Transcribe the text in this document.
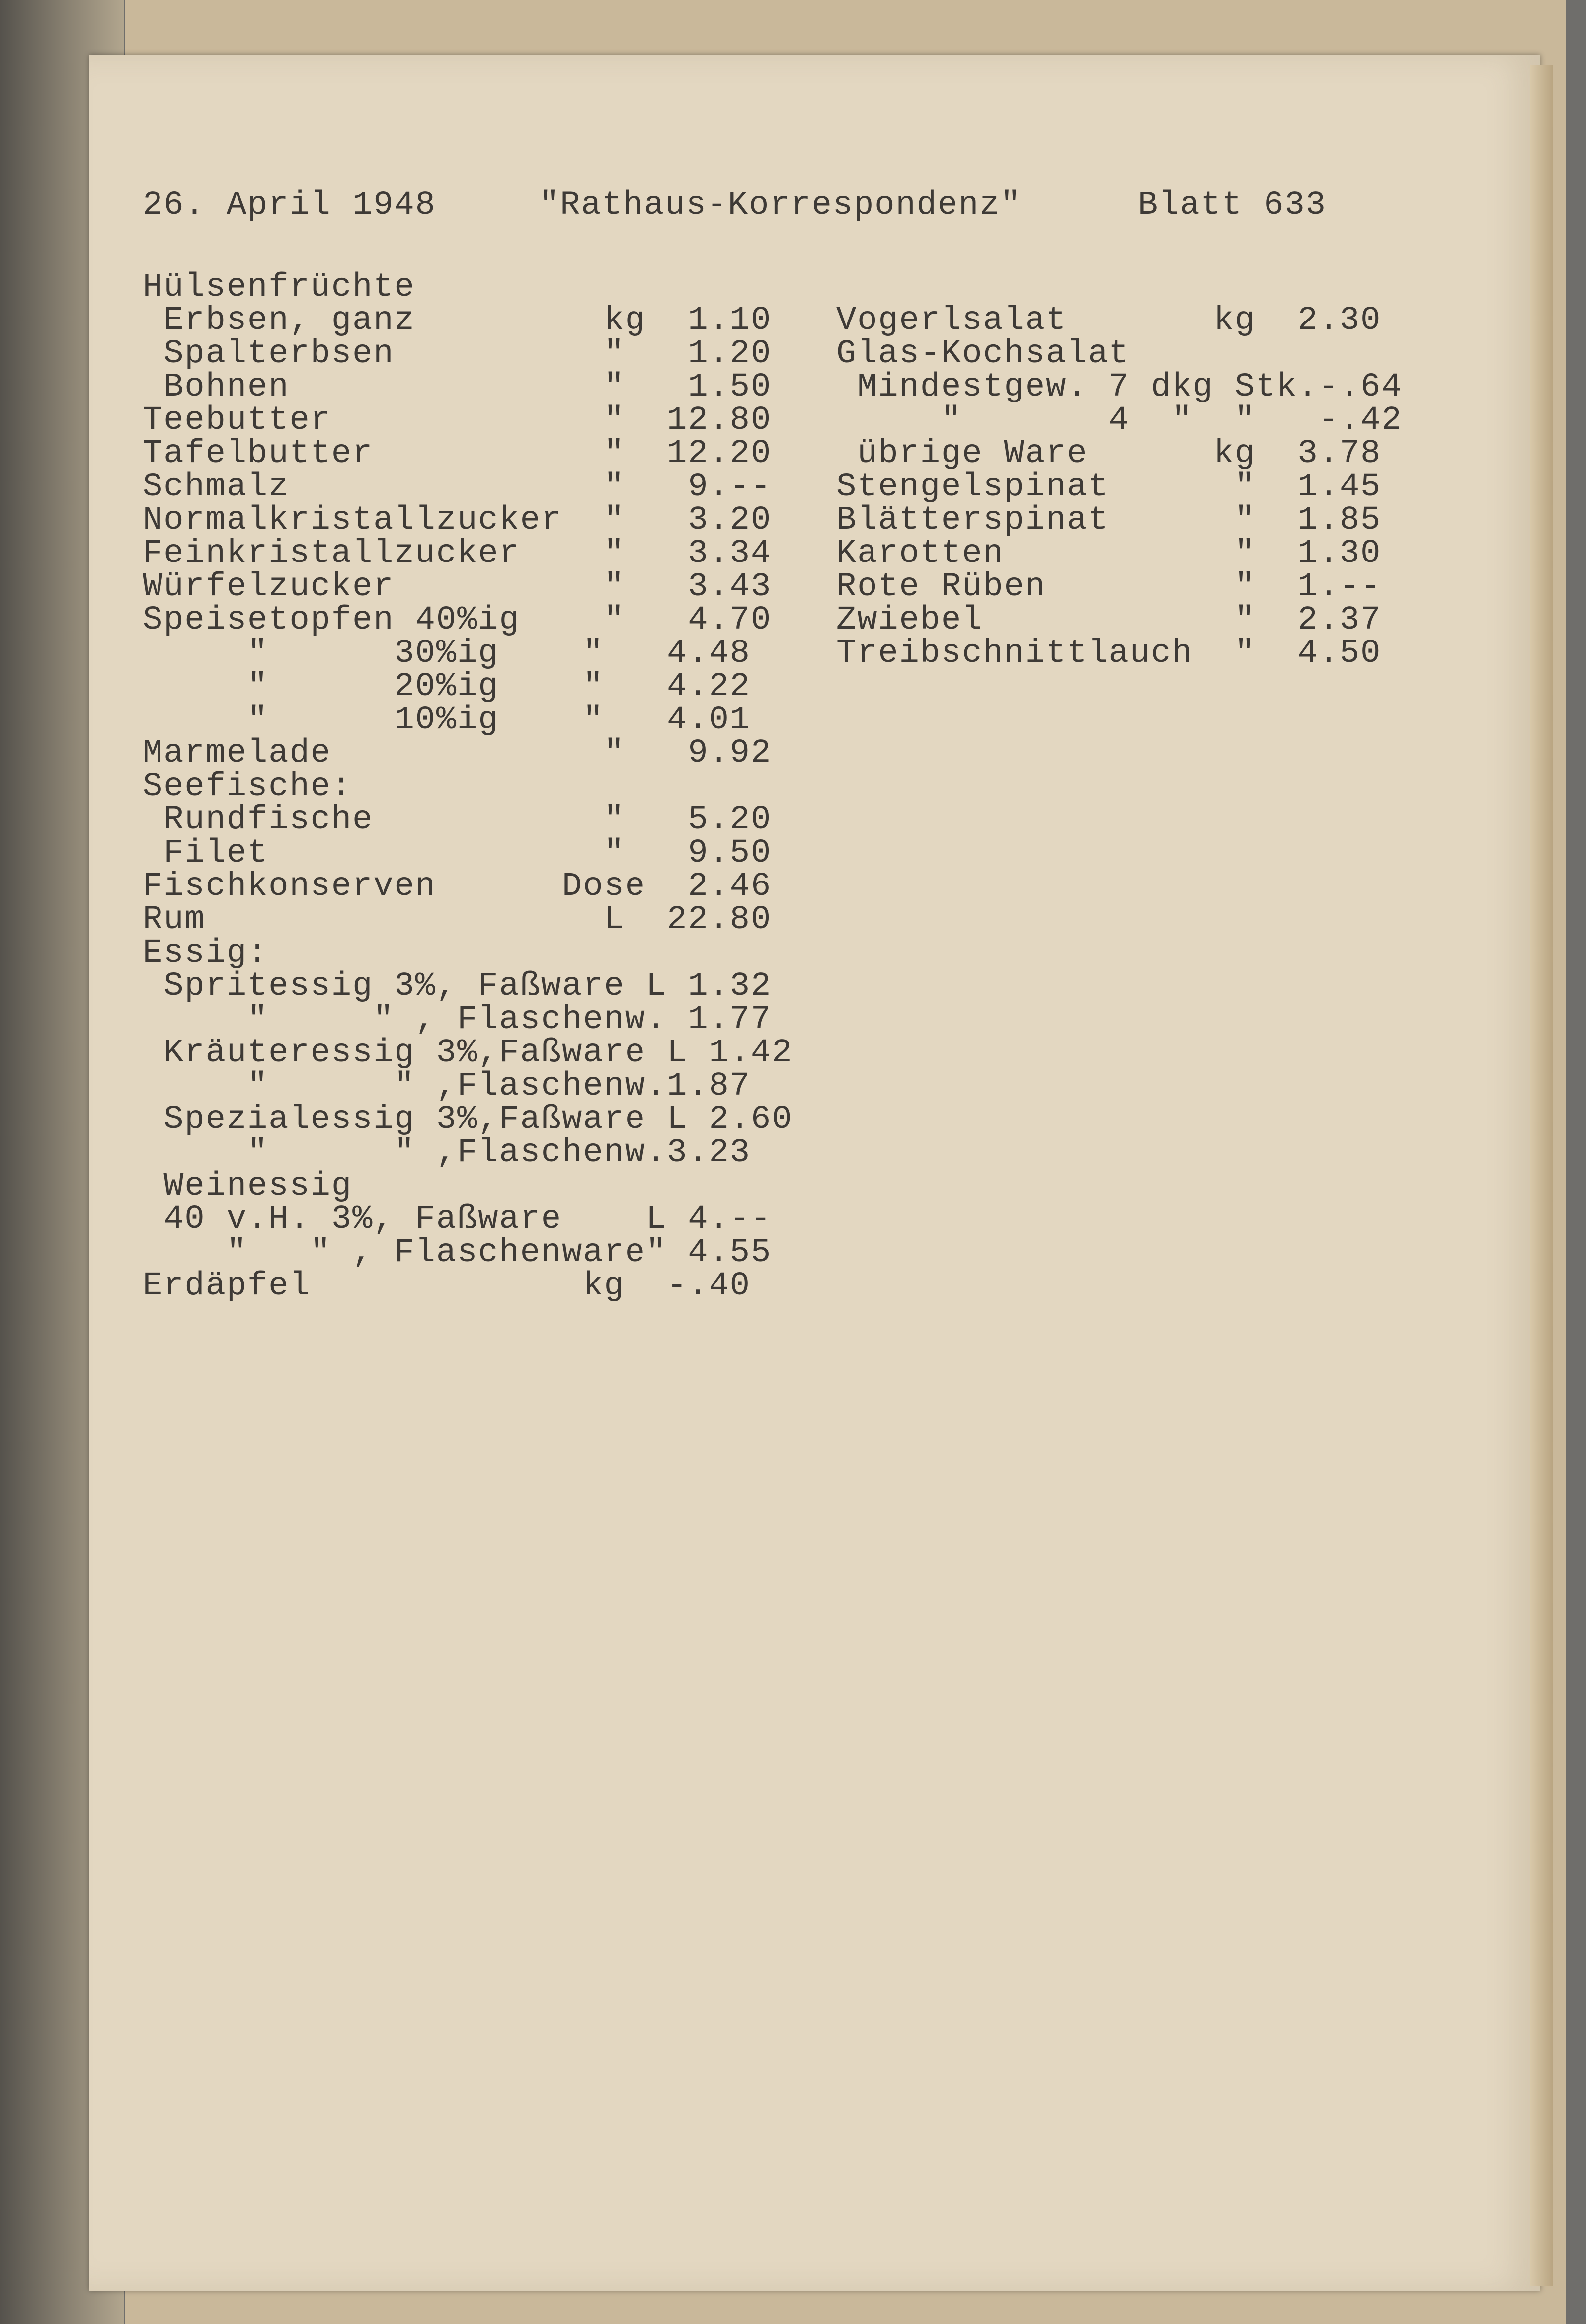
26. April 1948	"Rathaus-Korrespondenz"	Blatt 633
Hülsenfrüchte
Erbsen, ganz         kg  1.10
Spalterbsen          "   1.20
Bohnen               "   1.50
Teebutter             "  12.80
Tafelbutter           "  12.20
Schmalz               "   9.--
Normalkristallzucker  "   3.20
Feinkristallzucker    "   3.34
Würfelzucker          "   3.43
Speisetopfen 40%ig    "   4.70
"      30%ig    "   4.48
"      20%ig    "   4.22
"      10%ig    "   4.01
Marmelade             "   9.92
Seefische:
Rundfische           "   5.20
Filet                "   9.50
Fischkonserven      Dose  2.46
Rum                   L  22.80
Essig:
Spritessig 3%, Faßware L 1.32
"     " , Flaschenw. 1.77
Kräuteressig 3%,Faßware L 1.42
"      " ,Flaschenw.1.87
Spezialessig 3%,Faßware L 2.60
"      " ,Flaschenw.3.23
Weinessig
40 v.H. 3%, Faßware    L 4.--
"   " , Flaschenware" 4.55
Erdäpfel             kg  -.40
Vogerlsalat       kg  2.30
Glas-Kochsalat
Mindestgew. 7 dkg Stk.-.64
"       4  "  "   -.42
übrige Ware      kg  3.78
Stengelspinat      "  1.45
Blätterspinat      "  1.85
Karotten           "  1.30
Rote Rüben         "  1.--
Zwiebel            "  2.37
Treibschnittlauch  "  4.50
